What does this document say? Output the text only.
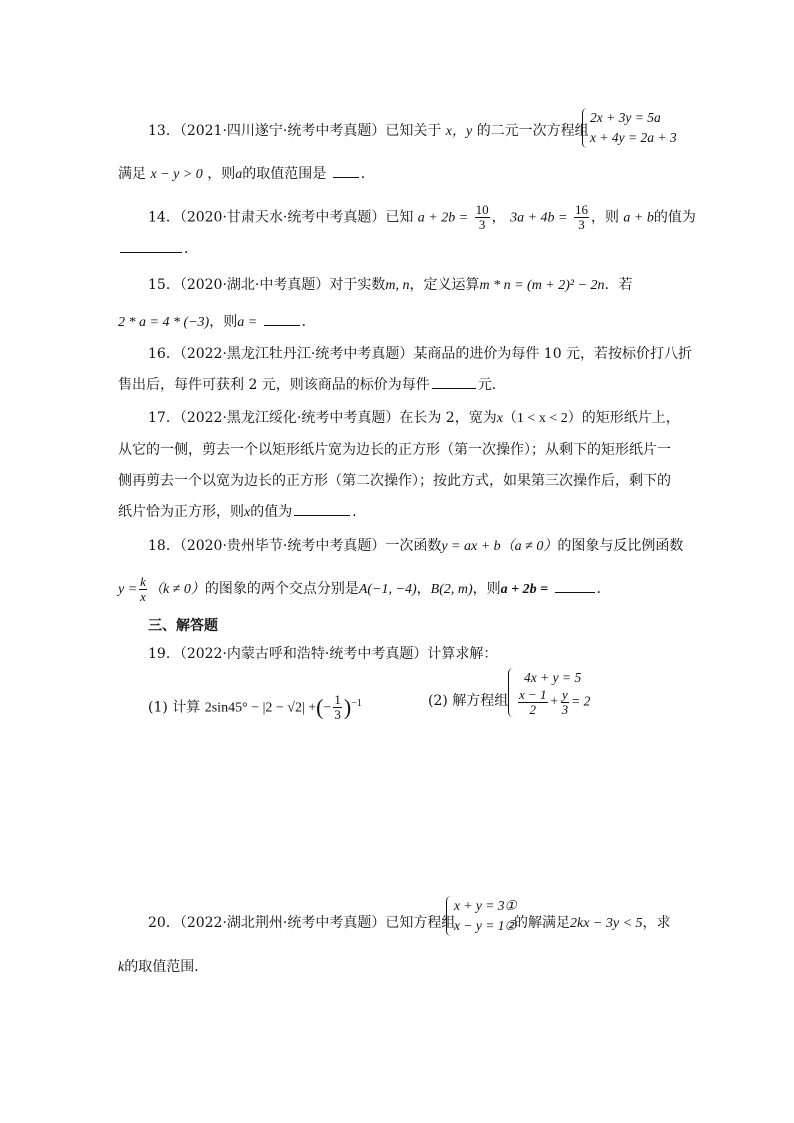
13．（2021·四川遂宁·统考中考真题）已知关于 x，y 的二元一次方程组
2x + 3y = 5a
x + 4y = 2a + 3
满足 x − y > 0 ，则a的取值范围是 ．
14．（2020·甘肃天水·统考中考真题）已知 $a + 2b = \frac{10}{3}$ ， $3a + 4b = \frac{16}{3}$ ，则 a + b的值为
．
15．（2020·湖北·中考真题）对于实数m, n，定义运算m * n = (m + 2)² − 2n．若
2 * a = 4 * (−3)，则a =	．
16．（2022·黑龙江牡丹江·统考中考真题）某商品的进价为每件 10 元，若按标价打八折
售出后，每件可获利 2 元，则该商品的标价为每件	元．
17．（2022·黑龙江绥化·统考中考真题）在长为 2，宽为x（1 < x < 2）的矩形纸片上，
从它的一侧，剪去一个以矩形纸片宽为边长的正方形（第一次操作）；从剩下的矩形纸片一
侧再剪去一个以宽为边长的正方形（第二次操作）；按此方式，如果第三次操作后，剩下的
纸片恰为正方形，则x的值为	．
18．（2020·贵州毕节·统考中考真题）一次函数y = ax + b（a ≠ 0）的图象与反比例函数
$y = \frac{k}{x} (k \ne 0)$的图象的两个交点分别是A(−1, −4)，B(2, m)，则a + 2b =	．
三、解答题
19．（2022·内蒙古呼和浩特·统考中考真题）计算求解：
(1) 计算 2sin45° − |2 − √2| +(− $\frac{1}{3} )^{-1}$	(2) 解方程组
4x + y = 5
$\frac{x - 1}{2} + \frac{y}{3} = 2$
20．（2022·湖北荆州·统考中考真题）已知方程组
x + y = 3①
x − y = 1②
的解满足2kx − 3y < 5，求
k的取值范围．
